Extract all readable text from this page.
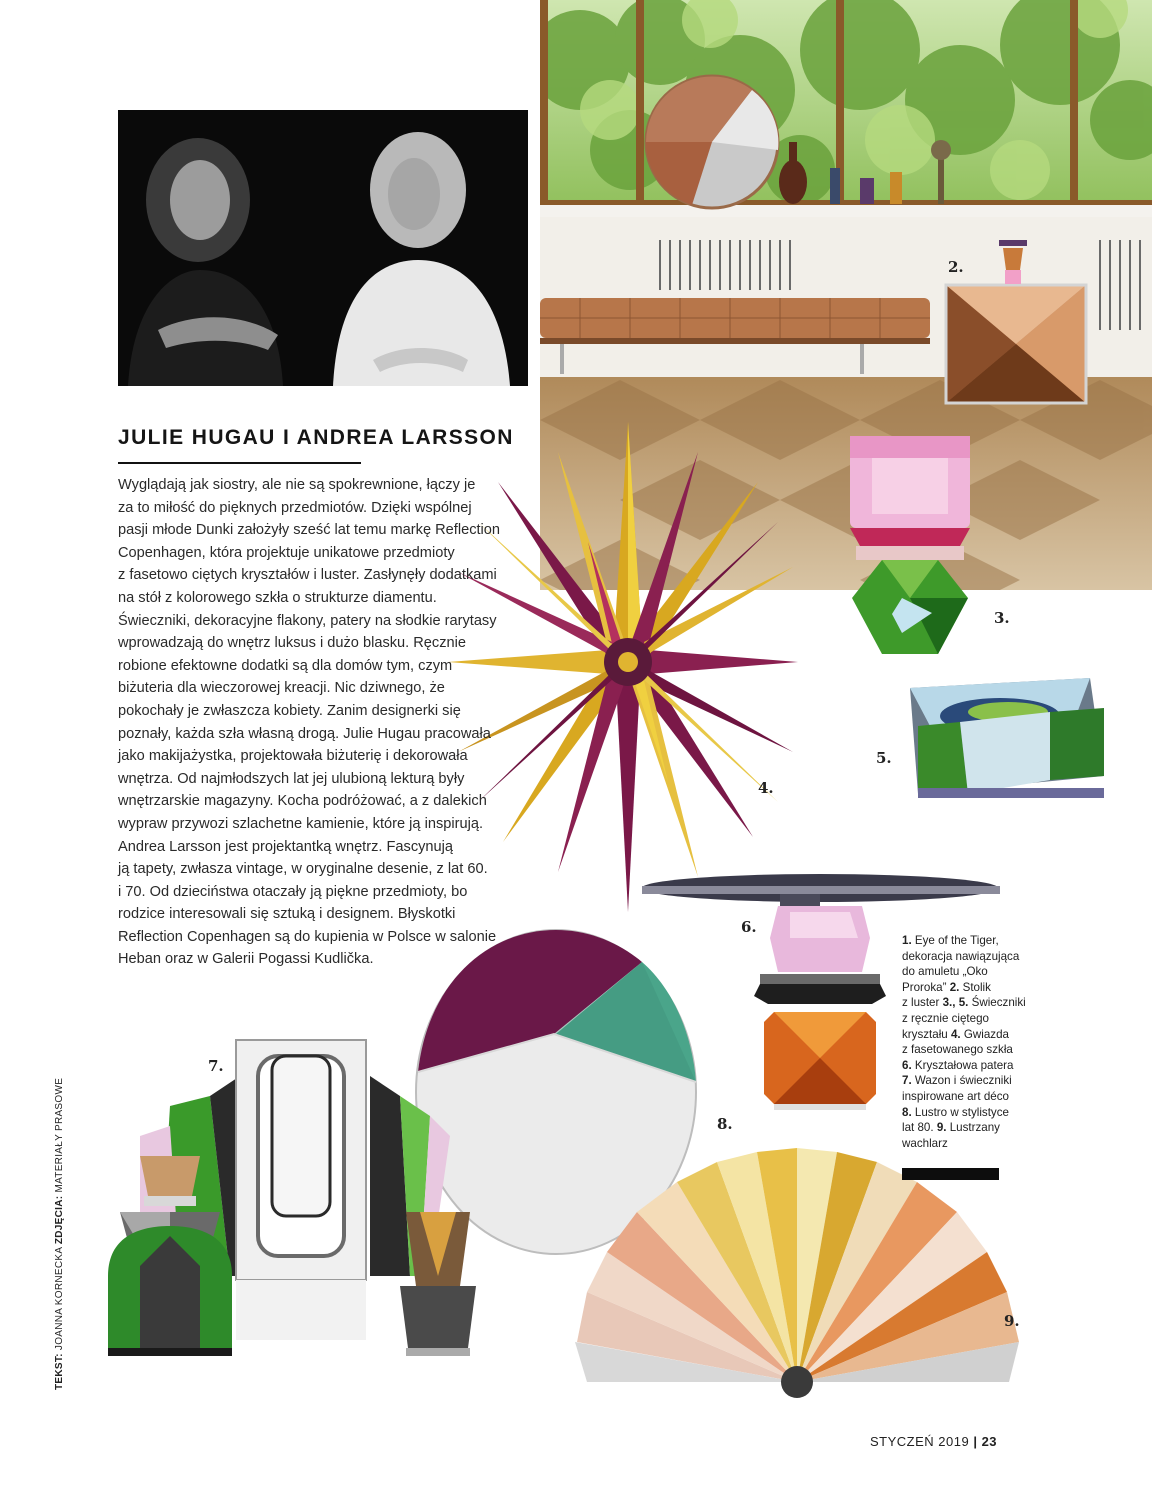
2.
3.
4.
5.
6.
7.
8.
9.
JULIE HUGAU I ANDREA LARSSON
Wyglądają jak siostry, ale nie są spokrewnione, łączy je
za to miłość do pięknych przedmiotów. Dzięki wspólnej
pasji młode Dunki założyły sześć lat temu markę Reflection
Copenhagen, która projektuje unikatowe przedmioty
z fasetowo ciętych kryształów i luster. Zasłynęły dodatkami
na stół z kolorowego szkła o strukturze diamentu.
Świeczniki, dekoracyjne flakony, patery na słodkie rarytasy
wprowadzają do wnętrz luksus i dużo blasku. Ręcznie
robione efektowne dodatki są dla domów tym, czym
biżuteria dla wieczorowej kreacji. Nic dziwnego, że
pokochały je zwłaszcza kobiety. Zanim designerki się
poznały, każda szła własną drogą. Julie Hugau pracowała
jako makijażystka, projektowała biżuterię i dekorowała
wnętrza. Od najmłodszych lat jej ulubioną lekturą były
wnętrzarskie magazyny. Kocha podróżować, a z dalekich
wypraw przywozi szlachetne kamienie, które ją inspirują.
Andrea Larsson jest projektantką wnętrz. Fascynują
ją tapety, zwłasza vintage, w oryginalne desenie, z lat 60.
i 70. Od dzieciństwa otaczały ją piękne przedmioty, bo
rodzice interesowali się sztuką i designem. Błyskotki
Reflection Copenhagen są do kupienia w Polsce w salonie
Heban oraz w Galerii Pogassi Kudlička.
1. Eye of the Tiger,
dekoracja nawiązująca
do amuletu „Oko
Proroka” 2. Stolik
z luster 3., 5. Świeczniki
z ręcznie ciętego
kryształu 4. Gwiazda
z fasetowanego szkła
6. Kryształowa patera
7. Wazon i świeczniki
inspirowane art déco
8. Lustro w stylistyce
lat 80. 9. Lustrzany
wachlarz
TEKST: JOANNA KORNECKA ZDJĘCIA: MATERIAŁY PRASOWE
STYCZEŃ 2019 | 23
